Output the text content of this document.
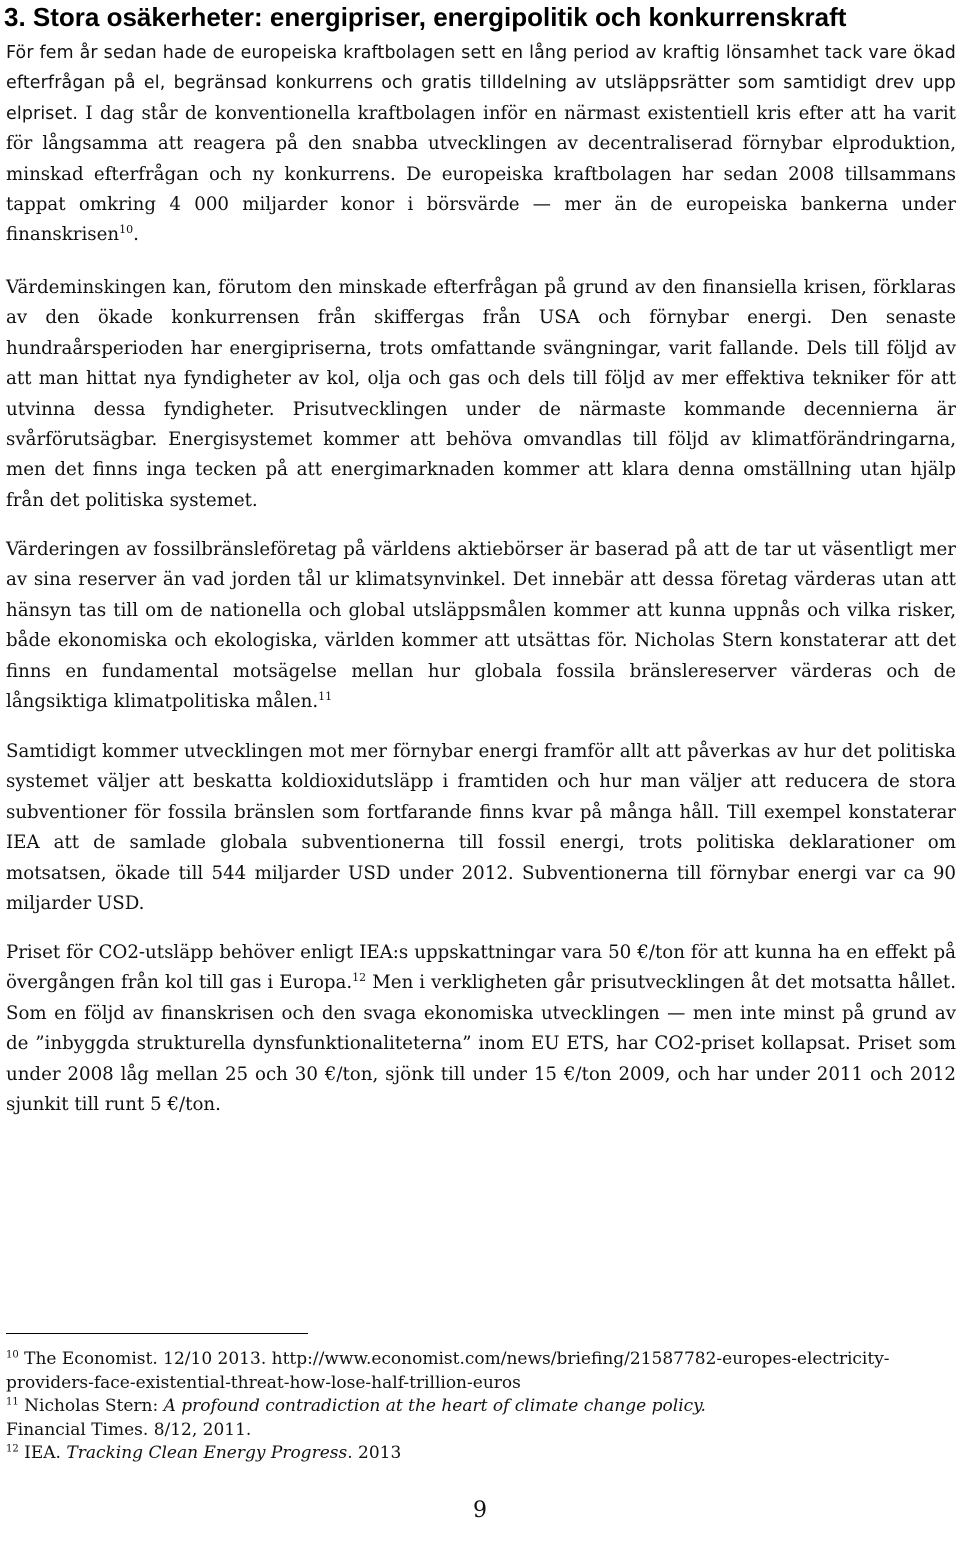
3. Stora osäkerheter: energipriser, energipolitik och konkurrenskraft

För fem år sedan hade de europeiska kraftbolagen sett en lång period av kraftig lönsamhet tack vare ökad efterfrågan på el, begränsad konkurrens och gratis tilldelning av utsläppsrätter som samtidigt drev upp elpriset. I dag står de konventionella kraftbolagen inför en närmast existentiell kris efter att ha varit för långsamma att reagera på den snabba utvecklingen av decentraliserad förnybar elproduktion, minskad efterfrågan och ny konkurrens. De europeiska kraftbolagen har sedan 2008 tillsammans tappat omkring 4 000 miljarder konor i börsvärde — mer än de europeiska bankerna under finanskrisen$^{10}$.

Värdeminskingen kan, förutom den minskade efterfrågan på grund av den finansiella krisen, förklaras av den ökade konkurrensen från skiffergas från USA och förnybar energi. Den senaste hundraårsperioden har energipriserna, trots omfattande svängningar, varit fallande. Dels till följd av att man hittat nya fyndigheter av kol, olja och gas och dels till följd av mer effektiva tekniker för att utvinna dessa fyndigheter. Prisutvecklingen under de närmaste kommande decennierna är svårförutsägbar. Energisystemet kommer att behöva omvandlas till följd av klimatförändringarna, men det finns inga tecken på att energimarknaden kommer att klara denna omställning utan hjälp från det politiska systemet.

Värderingen av fossilbränsleföretag på världens aktiebörser är baserad på att de tar ut väsentligt mer av sina reserver än vad jorden tål ur klimatsynvinkel. Det innebär att dessa företag värderas utan att hänsyn tas till om de nationella och global utsläppsmålen kommer att kunna uppnås och vilka risker, både ekonomiska och ekologiska, världen kommer att utsättas för. Nicholas Stern konstaterar att det finns en fundamental motsägelse mellan hur globala fossila bränslereserver värderas och de långsiktiga klimatpolitiska målen.$^{11}$

Samtidigt kommer utvecklingen mot mer förnybar energi framför allt att påverkas av hur det politiska systemet väljer att beskatta koldioxidutsläpp i framtiden och hur man väljer att reducera de stora subventioner för fossila bränslen som fortfarande finns kvar på många håll. Till exempel konstaterar IEA att de samlade globala subventionerna till fossil energi, trots politiska deklarationer om motsatsen, ökade till 544 miljarder USD under 2012. Subventionerna till förnybar energi var ca 90 miljarder USD.

Priset för CO2-utsläpp behöver enligt IEA:s uppskattningar vara 50 €/ton för att kunna ha en effekt på övergången från kol till gas i Europa.$^{12}$ Men i verkligheten går prisutvecklingen åt det motsatta hållet. Som en följd av finanskrisen och den svaga ekonomiska utvecklingen — men inte minst på grund av de ”inbyggda strukturella dynsfunktionaliteterna” inom EU ETS, har CO2-priset kollapsat. Priset som under 2008 låg mellan 25 och 30 €/ton, sjönk till under 15 €/ton 2009, och har under 2011 och 2012 sjunkit till runt 5 €/ton.

$^{10}$ The Economist. 12/10 2013. http://www.economist.com/news/briefing/21587782-europes-electricity-providers-face-existential-threat-how-lose-half-trillion-euros

$^{11}$ Nicholas Stern: A profound contradiction at the heart of climate change policy.
Financial Times. 8/12, 2011.

$^{12}$ IEA. Tracking Clean Energy Progress. 2013

9
